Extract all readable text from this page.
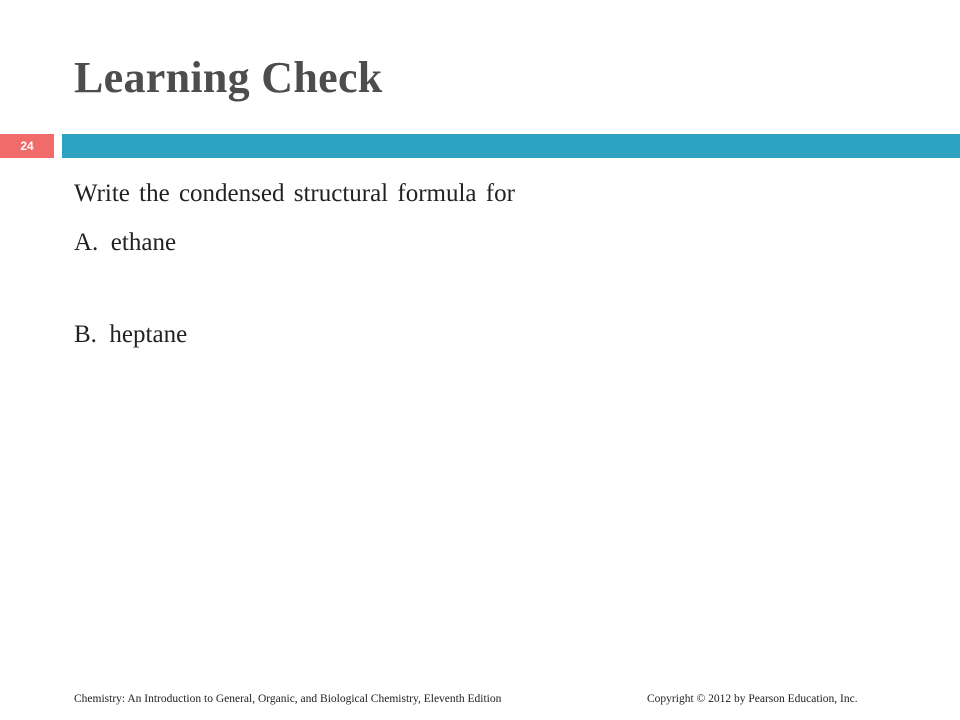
Learning Check
24

Write the condensed structural formula for

A.  ethane

B.  heptane

Chemistry: An Introduction to General, Organic, and Biological Chemistry, Eleventh Edition	Copyright © 2012 by Pearson Education, Inc.
